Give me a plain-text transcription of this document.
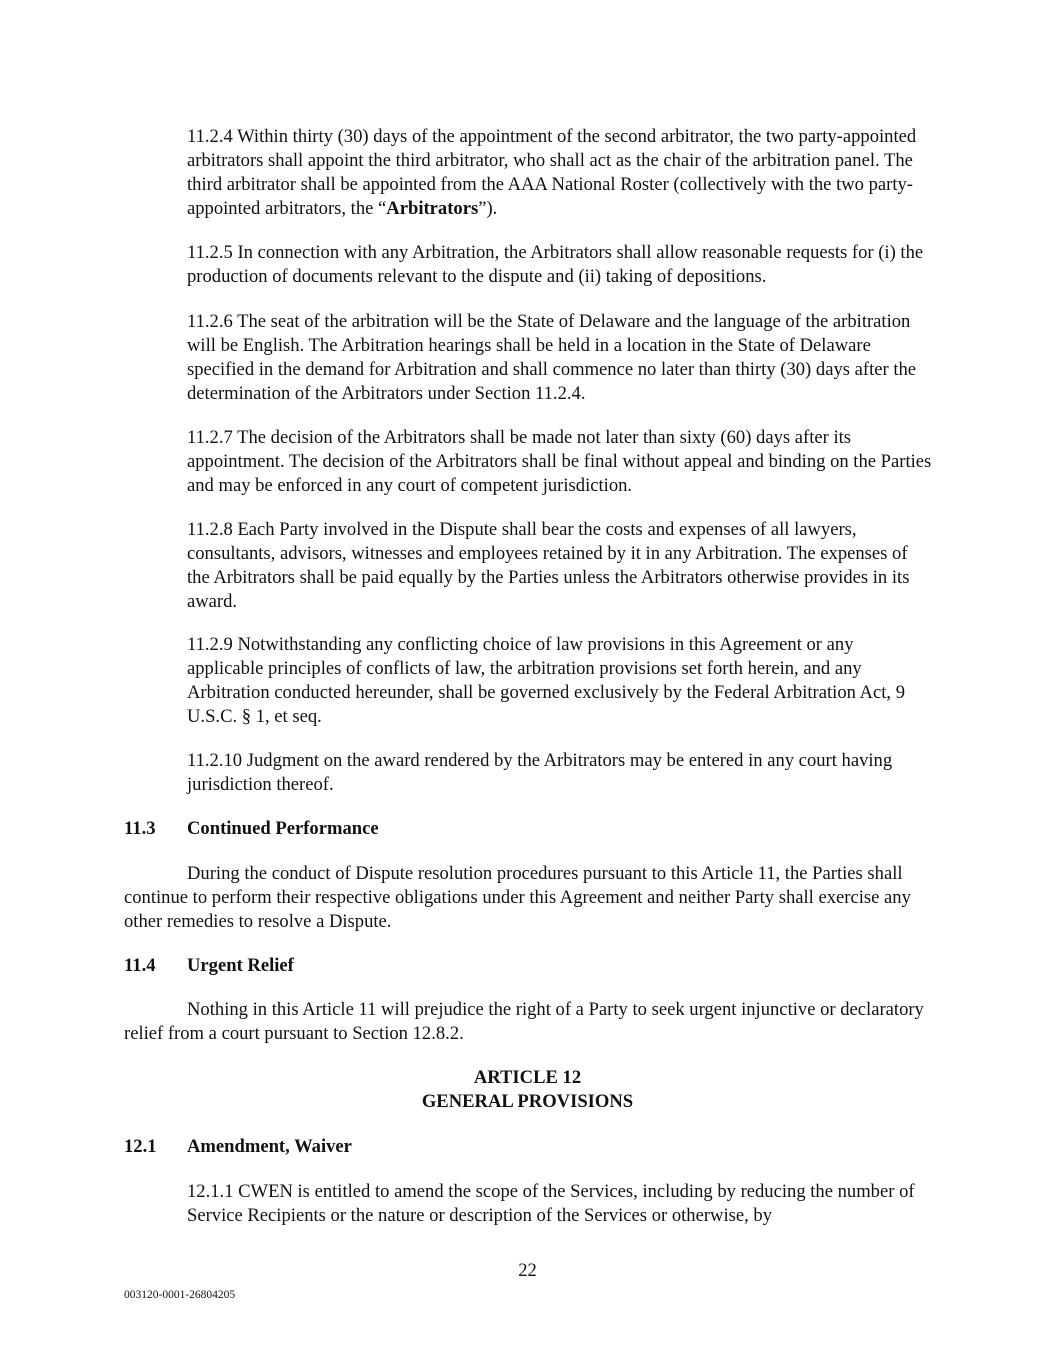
11.2.4 Within thirty (30) days of the appointment of the second arbitrator, the two party-appointed arbitrators shall appoint the third arbitrator, who shall act as the chair of the arbitration panel. The third arbitrator shall be appointed from the AAA National Roster (collectively with the two party-appointed arbitrators, the “Arbitrators”).

11.2.5 In connection with any Arbitration, the Arbitrators shall allow reasonable requests for (i) the production of documents relevant to the dispute and (ii) taking of depositions.

11.2.6 The seat of the arbitration will be the State of Delaware and the language of the arbitration will be English. The Arbitration hearings shall be held in a location in the State of Delaware specified in the demand for Arbitration and shall commence no later than thirty (30) days after the determination of the Arbitrators under Section 11.2.4.

11.2.7 The decision of the Arbitrators shall be made not later than sixty (60) days after its appointment. The decision of the Arbitrators shall be final without appeal and binding on the Parties and may be enforced in any court of competent jurisdiction.

11.2.8 Each Party involved in the Dispute shall bear the costs and expenses of all lawyers, consultants, advisors, witnesses and employees retained by it in any Arbitration. The expenses of the Arbitrators shall be paid equally by the Parties unless the Arbitrators otherwise provides in its award.

11.2.9 Notwithstanding any conflicting choice of law provisions in this Agreement or any applicable principles of conflicts of law, the arbitration provisions set forth herein, and any Arbitration conducted hereunder, shall be governed exclusively by the Federal Arbitration Act, 9 U.S.C. § 1, et seq.

11.2.10 Judgment on the award rendered by the Arbitrators may be entered in any court having jurisdiction thereof.

11.3 Continued Performance

During the conduct of Dispute resolution procedures pursuant to this Article 11, the Parties shall continue to perform their respective obligations under this Agreement and neither Party shall exercise any other remedies to resolve a Dispute.

11.4 Urgent Relief

Nothing in this Article 11 will prejudice the right of a Party to seek urgent injunctive or declaratory relief from a court pursuant to Section 12.8.2.

ARTICLE 12

GENERAL PROVISIONS

12.1 Amendment, Waiver

12.1.1 CWEN is entitled to amend the scope of the Services, including by reducing the number of Service Recipients or the nature or description of the Services or otherwise, by

22
003120-0001-26804205
